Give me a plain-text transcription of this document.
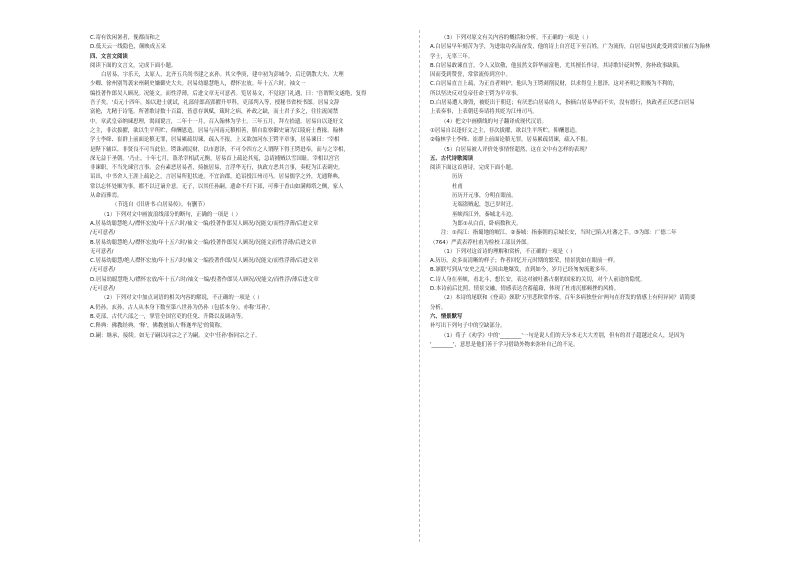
C.寄有饮闲暑者，俛都而和之
D.低天云一线隐色，颠映成五采
四、文言文阅读
阅读下面的文言文，完成下面小题。
白居易，字乐天，太原人，北齐五兵尚书建之玄孙。其父季庚，建中初为彭城令，后迁朝散大夫、大理
少卿、徐州别驾袭宋州刺史嫌御史大夫。居易幼聪慧绝人，襟怀宏放。年十五六时，袖文一
编投著作郎吴人顾况。况能文，而性浮薄，后进文章无可意者。览居易文，不觉迎门礼遇，曰：'吾谓斯文遂绝，复得
吾子矣。'贞元十四年，始以进士就试，礼部侍郎高郢擢升甲科，吏部判入等，授秘书省校书郎。居易文辞
富艳，尤精于诗笔。所著歌诗数十百篇，皆意存讽赋，箴时之病，补政之缺，而士君子多之，往往流闻禁
中。章武皇帝纳谏思理，渴闻谠言，二年十一月，召入翰林为学士。三年五月，拜左拾遗。居易自以逢好文
之主，非次拔擢，欲以生平所贮，仰酬恩造。居易与河南元稹相善，稹自监察御史谪为江陵府士曹掾。翰林
学士李绛、崔群上前面论稹无罪，居易累疏切谏，疏入不报。上又欲加河东王锷平章事，居易谏曰：'宰相
是陛下辅臣，非贤良不可当此位。锷诛剥民财，以市恩泽，不可令四方之人谓陛下得王锷进奉，而与之宰相，
深无益于圣朝。'乃止。十年七月，盗杀宰相武元衡，居易首上疏论其冤，急请捕贼以雪国耻。宰相以宫官
非谏职，不当先谏官言事。会有素恶居易者，掎摭居易，言浮华无行，执政方恶其言事，奏贬为江表刺史。
诏出，中书舍人王涯上疏论之，言居易所犯状迹，不宜治郡，追诏授江州司马。居易儒学之外，尤通释典，
常以忘怀处顺为事，都不以迁谪介意。无子，以其任孙嗣。遗命不归下邽，可葬于香山如满师塔之侧，家人
从命而葬焉。
（节选自《旧唐书·白居易传》，有删节）
（1）下列对文中画波浪线部分的断句，正确的一项是（ ）
A.居易幼聪慧绝人/襟怀宏放/年十五六时/袖文一编/投著作郎吴人顾况/况能文/而性浮薄/后进文章
/无可意者/
B.居易幼聪慧绝人/襟怀宏放/年十五六时/袖文一编/投著作郎吴人顾况/况能文而性浮薄/后进文章
无可意者/
C.居易幼聪慧/绝人襟怀宏放/年十五六时/袖文一编投著作郎/吴人顾况/况能文/而性浮薄/后进文章
/无可意者/
D.居易幼聪慧绝人/襟怀宏放/年十五六时/袖文一编/投著作郎吴人顾况/况能文/而性浮/薄后进文章
/无可意者/
（2）下列对文中加点词语的相关内容的解说，不正确的一项是（ ）
A.仍孙，玄孙，古人从本身下数至第八世孙为仍孙（包括本身），亦称'耳孙'。
B.吏部，古代六部之一，掌管全国官吏的任免、升降以及调动等。
C.释典：佛教经典。'释'，佛教创始人'释迦牟尼'的简称。
D.嗣：继承，接续。如无子嗣以同宗之子为嗣。文中'任孙'指同宗之子。
（3）下列对原文有关内容的概括和分析，不正确的一项是（ ）
A.白居易早年刻苦为学，为进取功名而奋发，他的诗上自宫廷下至百姓，广为流传，白居易也因此受到赏识被召为翰林
学士，无辜三年。
B.白居易敢谏直言，令人又钦敬，他虽然文辞华丽富艳，尤其擅长作诗，其诗歌针砭时弊，弥补政事缺陷，
因而受到赞誉，常常流传到宫中。
C.白居易直言上疏，为正直者辩护，他认为王锷剥削民财，以求得皇上恩泽，这对圣明之朝极为不利的，
所以坚决反对皇帝任命王锷为平章事。
D.白居易遭人谗毁，被贬出于朝廷；有厌恶白居易的人，指摘白居易华而不实，没有德行，执政者正厌恶白居易
上表奏事，上表朝廷奏请将其贬为江州司马。
（4）把文中画横线的句子翻译成现代汉语。
①居易自以逢好文之主，非次拔擢，欲以生平所贮，仰酬恩造。
②翰林学士李绛、崔群上前面论稹无罪，居易累疏切谏，疏入不报。
（5）白居易被人评价处事情怪超然，这在文中有怎样的表现？
五、古代诗歌阅读
阅读下面这首唐诗，完成下面小题。
历历
杜甫
历历开元事，分明在眼前。
无端盗贼起，忽已岁时迁。
巫峡西江外，秦城北斗边。
为郎①从白首，卧病数秋天。
注：①西江：指蜀地的岷江。②秦城：指秦朝的京城长安，当时已陷入吐蕃之手。③为郎：广德二年
（764）严武表荐杜甫为检校工部员外郎。
（1）下列对这首诗的理解和赏析，不正确的一项是（ ）
A.历历，众多而清晰的样子；作者回忆开元时期的繁荣，情景犹如在眼前一样。
B.颔联写到从'安史之乱'无因由地爆发，直到如今，岁月已经匆匆流逝多年。
C.诗人身在巫峡，看北斗，想长安，表达对被吐蕃占据的国家的关切，对个人前途的隐忧。
D.本诗前后比照，情景交融，情感表达含蓄蕴藉，体现了杜甫沉郁顿挫的风格。
（2）本诗的尾联和《登高》颈联'万里悲秋常作客，百年多病独登台'两句在抒发的情感上有何异同？请简要
分析。
六、情景默写
补写出下列句子中的空缺部分。
（1）荀子《劝学》中的'________'一句是说人们的天分本无大大差别，但有的君子超越过众人，是因为
'________'，意思是他们善于学习借助外物来弥补自己的不足。
